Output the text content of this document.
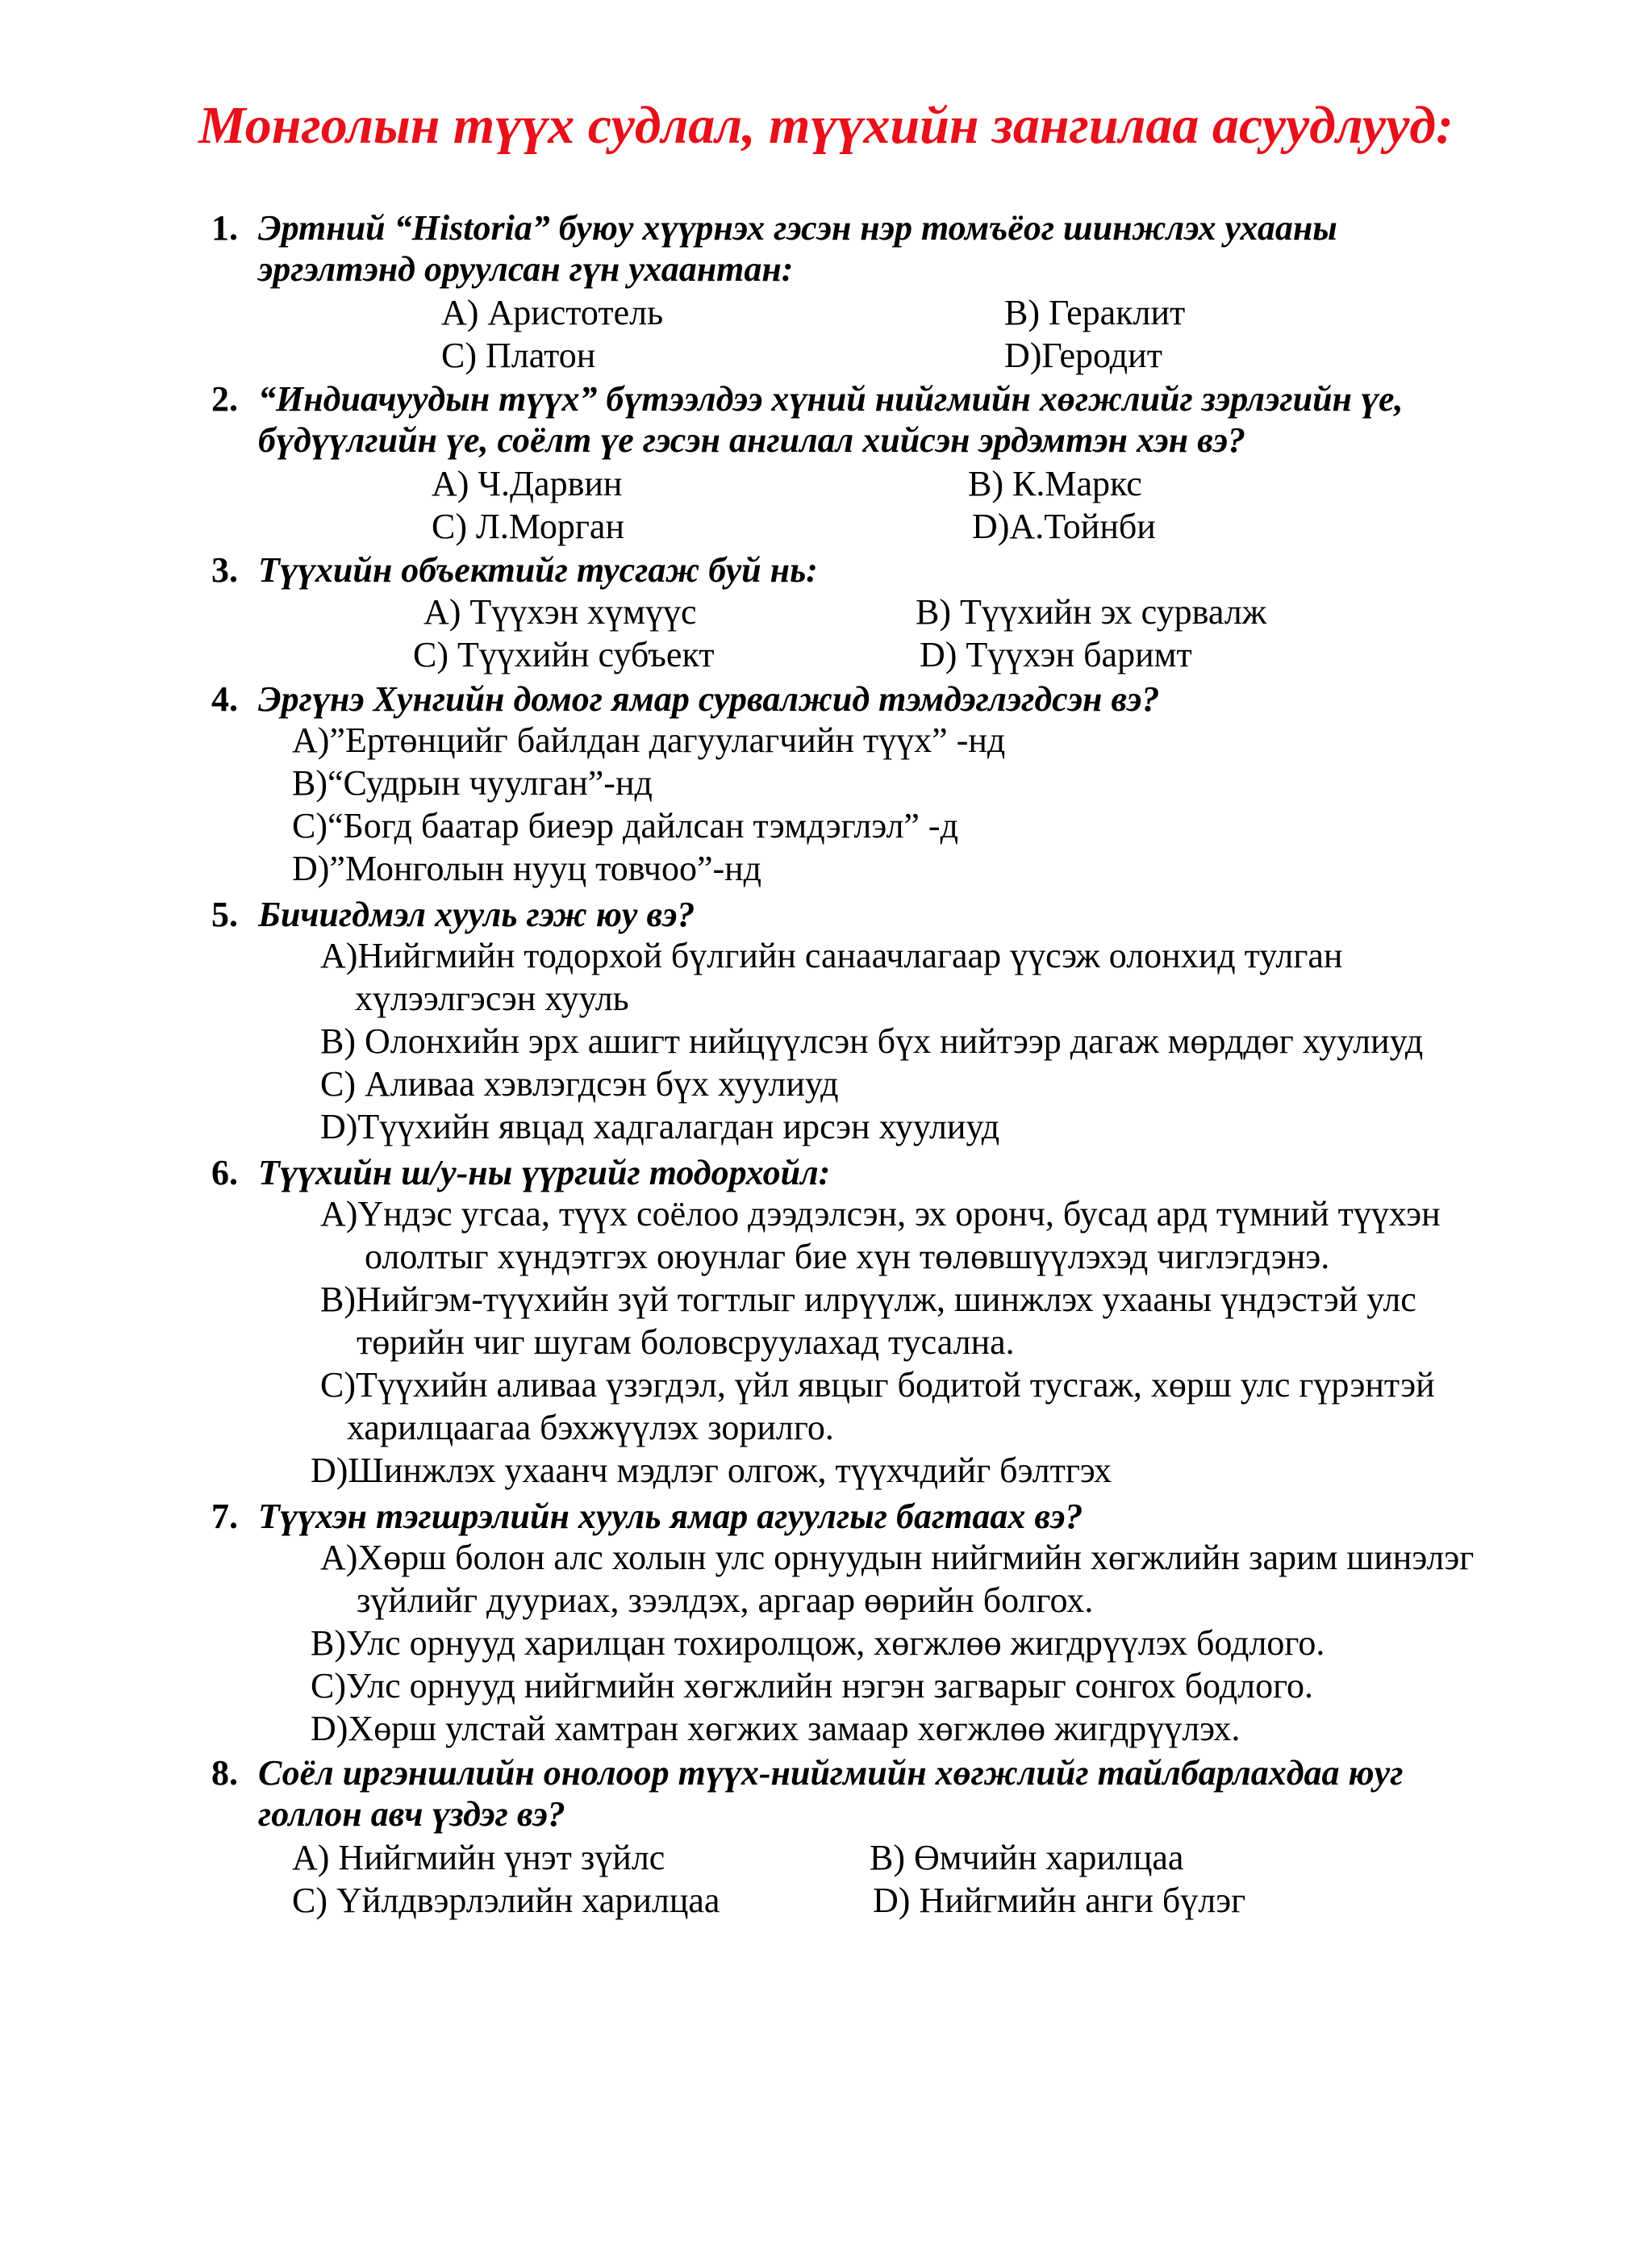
Монголын түүх судлал, түүхийн зангилаа асуудлууд:
1. Эртний “Historia” буюу хүүрнэх гэсэн нэр томъёог шинжлэх ухааны
эргэлтэнд оруулсан гүн ухаантан:
A) Аристотель	B) Гераклит
C) Платон	D)Геродит
2. “Индиачуудын түүх” бүтээлдээ хүний нийгмийн хөгжлийг зэрлэгийн үе,
бүдүүлгийн үе, соёлт үе гэсэн ангилал хийсэн эрдэмтэн хэн вэ?
A) Ч.Дарвин	B) К.Маркс
C) Л.Морган	D)А.Тойнби
3. Түүхийн объектийг тусгаж буй нь:
A) Түүхэн хүмүүс	B) Түүхийн эх сурвалж
C) Түүхийн субъект	D) Түүхэн баримт
4. Эргүнэ Хунгийн домог ямар сурвалжид тэмдэглэгдсэн вэ?
A)”Ертөнцийг байлдан дагуулагчийн түүх” -нд
B)“Судрын чуулган”-нд
C)“Богд баатар биеэр дайлсан тэмдэглэл” -д
D)”Монголын нууц товчоо”-нд
5. Бичигдмэл хууль гэж юу вэ?
A)Нийгмийн тодорхой бүлгийн санаачлагаар үүсэж олонхид тулган
хүлээлгэсэн хууль
B) Олонхийн эрх ашигт нийцүүлсэн бүх нийтээр дагаж мөрддөг хуулиуд
C) Аливаа хэвлэгдсэн бүх хуулиуд
D)Түүхийн явцад хадгалагдан ирсэн хуулиуд
6. Түүхийн ш/у-ны үүргийг тодорхойл:
A)Үндэс угсаа, түүх соёлоо дээдэлсэн, эх оронч, бусад ард түмний түүхэн
ололтыг хүндэтгэх оюунлаг бие хүн төлөвшүүлэхэд чиглэгдэнэ.
B)Нийгэм-түүхийн зүй тогтлыг илрүүлж, шинжлэх ухааны үндэстэй улс
төрийн чиг шугам боловсруулахад тусална.
C)Түүхийн аливаа үзэгдэл, үйл явцыг бодитой тусгаж, хөрш улс гүрэнтэй
харилцаагаа бэхжүүлэх зорилго.
D)Шинжлэх ухаанч мэдлэг олгож, түүхчдийг бэлтгэх
7. Түүхэн тэгшрэлийн хууль ямар агуулгыг багтаах вэ?
A)Хөрш болон алс холын улс орнуудын нийгмийн хөгжлийн зарим шинэлэг
зүйлийг дууриах, зээлдэх, аргаар өөрийн болгох.
B)Улс орнууд харилцан тохиролцож, хөгжлөө жигдрүүлэх бодлого.
C)Улс орнууд нийгмийн хөгжлийн нэгэн загварыг сонгох бодлого.
D)Хөрш улстай хамтран хөгжих замаар хөгжлөө жигдрүүлэх.
8. Соёл иргэншлийн онолоор түүх-нийгмийн хөгжлийг тайлбарлахдаа юуг
голлон авч үздэг вэ?
A) Нийгмийн үнэт зүйлс	B) Өмчийн харилцаа
C) Үйлдвэрлэлийн харилцаа	D) Нийгмийн анги бүлэг
